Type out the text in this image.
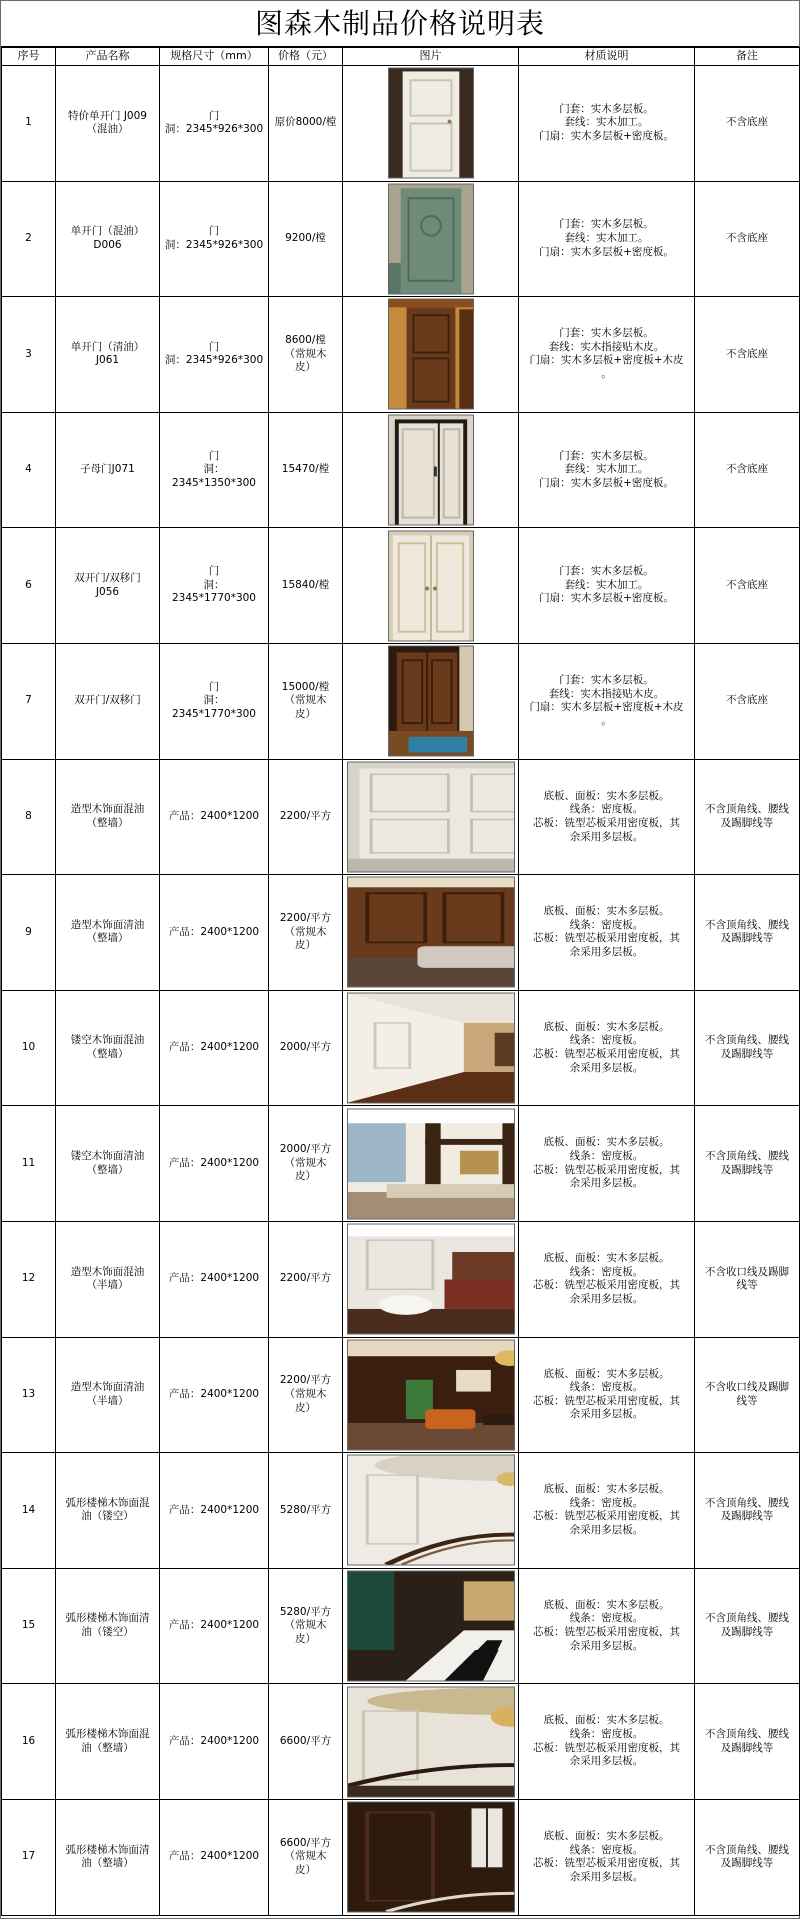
图森木制品价格说明表
序号	产品名称	规格尺寸（mm）	价格（元）	图片	材质说明	备注
1	特价单开门 J009
（混油）	门
洞：2345*926*300	原价8000/樘		门套：实木多层板。
套线：实木加工。
门扇：实木多层板+密度板。	不含底座
2	单开门（混油）
D006	门
洞：2345*926*300	9200/樘		门套：实木多层板。
套线：实木加工。
门扇：实木多层板+密度板。	不含底座
3	单开门（清油）
J061	门
洞：2345*926*300	8600/樘
（常规木
皮）		门套：实木多层板。
套线：实木指接贴木皮。
门扇：实木多层板+密度板+木皮
。	不含底座
4	子母门J071	门
洞：2345*1350*300	15470/樘		门套：实木多层板。
套线：实木加工。
门扇：实木多层板+密度板。	不含底座
6	双开门/双移门
J056	门
洞：2345*1770*300	15840/樘		门套：实木多层板。
套线：实木加工。
门扇：实木多层板+密度板。	不含底座
7	双开门/双移门	门
洞：2345*1770*300	15000/樘
（常规木
皮）		门套：实木多层板。
套线：实木指接贴木皮。
门扇：实木多层板+密度板+木皮
。	不含底座
8	造型木饰面混油
（整墙）	产品：2400*1200	2200/平方		底板、面板：实木多层板。
线条：密度板。
芯板：铣型芯板采用密度板，其
余采用多层板。	不含顶角线、腰线
及踢脚线等
9	造型木饰面清油
（整墙）	产品：2400*1200	2200/平方
（常规木
皮）		底板、面板：实木多层板。
线条：密度板。
芯板：铣型芯板采用密度板，其
余采用多层板。	不含顶角线、腰线
及踢脚线等
10	镂空木饰面混油
（整墙）	产品：2400*1200	2000/平方		底板、面板：实木多层板。
线条：密度板。
芯板：铣型芯板采用密度板，其
余采用多层板。	不含顶角线、腰线
及踢脚线等
11	镂空木饰面清油
（整墙）	产品：2400*1200	2000/平方
（常规木
皮）		底板、面板：实木多层板。
线条：密度板。
芯板：铣型芯板采用密度板，其
余采用多层板。	不含顶角线、腰线
及踢脚线等
12	造型木饰面混油
（半墙）	产品：2400*1200	2200/平方		底板、面板：实木多层板。
线条：密度板。
芯板：铣型芯板采用密度板，其
余采用多层板。	不含收口线及踢脚
线等
13	造型木饰面清油
（半墙）	产品：2400*1200	2200/平方
（常规木
皮）		底板、面板：实木多层板。
线条：密度板。
芯板：铣型芯板采用密度板，其
余采用多层板。	不含收口线及踢脚
线等
14	弧形楼梯木饰面混
油（镂空）	产品：2400*1200	5280/平方		底板、面板：实木多层板。
线条：密度板。
芯板：铣型芯板采用密度板，其
余采用多层板。	不含顶角线、腰线
及踢脚线等
15	弧形楼梯木饰面清
油（镂空）	产品：2400*1200	5280/平方
（常规木
皮）		底板、面板：实木多层板。
线条：密度板。
芯板：铣型芯板采用密度板，其
余采用多层板。	不含顶角线、腰线
及踢脚线等
16	弧形楼梯木饰面混
油（整墙）	产品：2400*1200	6600/平方		底板、面板：实木多层板。
线条：密度板。
芯板：铣型芯板采用密度板，其
余采用多层板。	不含顶角线、腰线
及踢脚线等
17	弧形楼梯木饰面清
油（整墙）	产品：2400*1200	6600/平方
（常规木
皮）		底板、面板：实木多层板。
线条：密度板。
芯板：铣型芯板采用密度板，其
余采用多层板。	不含顶角线、腰线
及踢脚线等
